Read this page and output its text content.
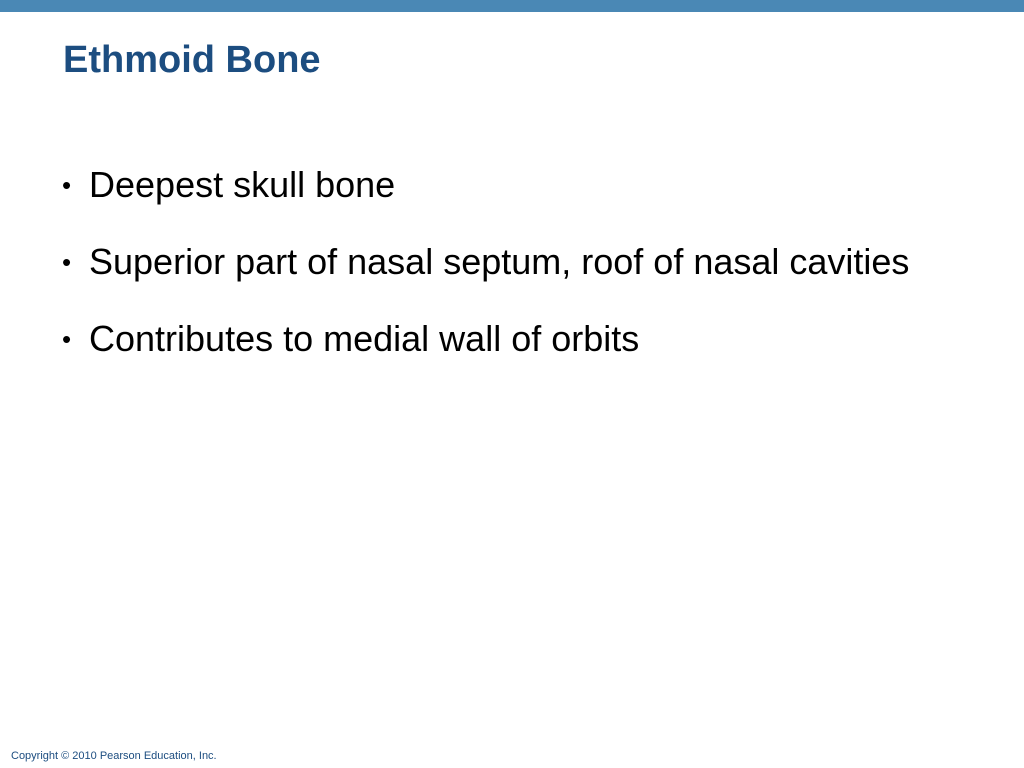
Ethmoid Bone
• Deepest skull bone
• Superior part of nasal septum, roof of nasal cavities
• Contributes to medial wall of orbits
Copyright © 2010 Pearson Education, Inc.
